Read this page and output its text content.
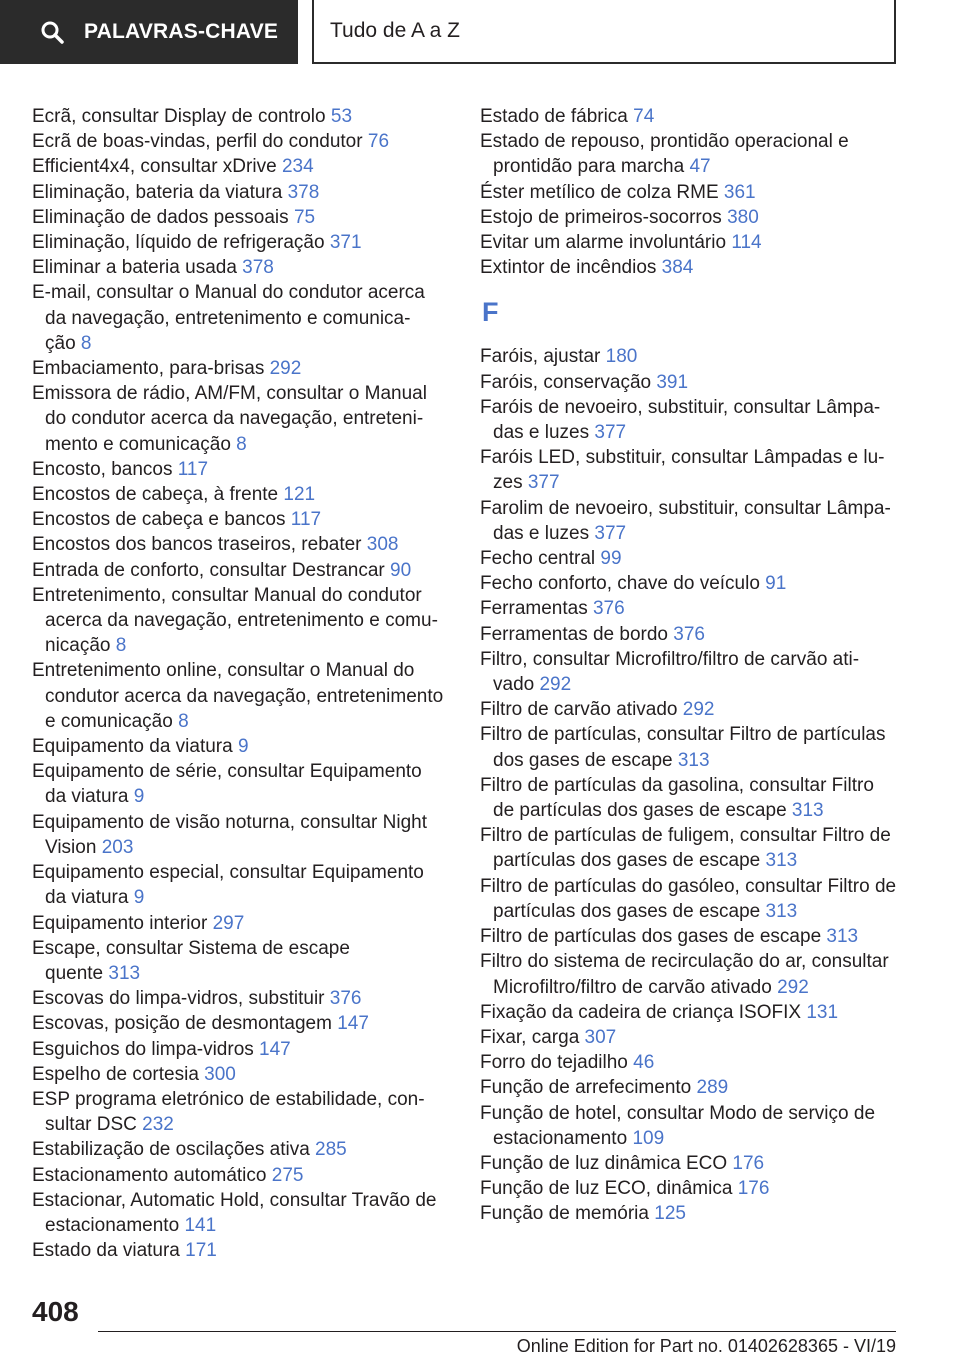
PALAVRAS-CHAVE Tudo de A a Z
Ecrã, consultar Display de controlo 53
Ecrã de boas-vindas, perfil do condutor 76
Efficient4x4, consultar xDrive 234
Eliminação, bateria da viatura 378
Eliminação de dados pessoais 75
Eliminação, líquido de refrigeração 371
Eliminar a bateria usada 378
E-mail, consultar o Manual do condutor acerca
da navegação, entretenimento e comunica-
ção 8
Embaciamento, para-brisas 292
Emissora de rádio, AM/FM, consultar o Manual
do condutor acerca da navegação, entreteni-
mento e comunicação 8
Encosto, bancos 117
Encostos de cabeça, à frente 121
Encostos de cabeça e bancos 117
Encostos dos bancos traseiros, rebater 308
Entrada de conforto, consultar Destrancar 90
Entretenimento, consultar Manual do condutor
acerca da navegação, entretenimento e comu-
nicação 8
Entretenimento online, consultar o Manual do
condutor acerca da navegação, entretenimento
e comunicação 8
Equipamento da viatura 9
Equipamento de série, consultar Equipamento
da viatura 9
Equipamento de visão noturna, consultar Night
Vision 203
Equipamento especial, consultar Equipamento
da viatura 9
Equipamento interior 297
Escape, consultar Sistema de escape
quente 313
Escovas do limpa-vidros, substituir 376
Escovas, posição de desmontagem 147
Esguichos do limpa-vidros 147
Espelho de cortesia 300
ESP programa eletrónico de estabilidade, con-
sultar DSC 232
Estabilização de oscilações ativa 285
Estacionamento automático 275
Estacionar, Automatic Hold, consultar Travão de
estacionamento 141
Estado da viatura 171
Estado de fábrica 74
Estado de repouso, prontidão operacional e
prontidão para marcha 47
Éster metílico de colza RME 361
Estojo de primeiros-socorros 380
Evitar um alarme involuntário 114
Extintor de incêndios 384
F
Faróis, ajustar 180
Faróis, conservação 391
Faróis de nevoeiro, substituir, consultar Lâmpa-
das e luzes 377
Faróis LED, substituir, consultar Lâmpadas e lu-
zes 377
Farolim de nevoeiro, substituir, consultar Lâmpa-
das e luzes 377
Fecho central 99
Fecho conforto, chave do veículo 91
Ferramentas 376
Ferramentas de bordo 376
Filtro, consultar Microfiltro/filtro de carvão ati-
vado 292
Filtro de carvão ativado 292
Filtro de partículas, consultar Filtro de partículas
dos gases de escape 313
Filtro de partículas da gasolina, consultar Filtro
de partículas dos gases de escape 313
Filtro de partículas de fuligem, consultar Filtro de
partículas dos gases de escape 313
Filtro de partículas do gasóleo, consultar Filtro de
partículas dos gases de escape 313
Filtro de partículas dos gases de escape 313
Filtro do sistema de recirculação do ar, consultar
Microfiltro/filtro de carvão ativado 292
Fixação da cadeira de criança ISOFIX 131
Fixar, carga 307
Forro do tejadilho 46
Função de arrefecimento 289
Função de hotel, consultar Modo de serviço de
estacionamento 109
Função de luz dinâmica ECO 176
Função de luz ECO, dinâmica 176
Função de memória 125
408
Online Edition for Part no. 01402628365 - VI/19
